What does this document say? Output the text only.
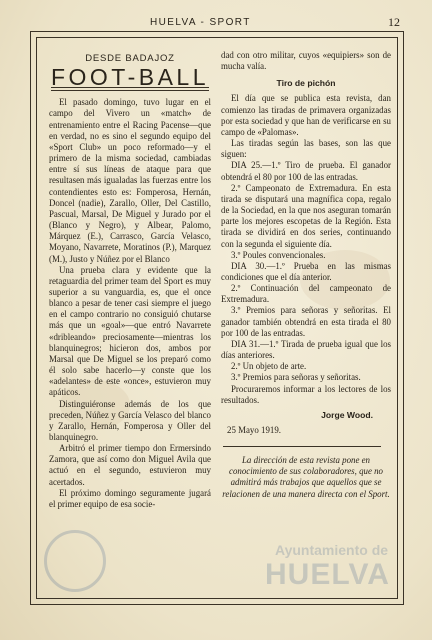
HUELVA - SPORT	12
DESDE BADAJOZ
FOOT-BALL

El pasado domingo, tuvo lugar en el campo del Vivero un «match» de entrenamiento entre el Racing Pacense—que en verdad, no es sino el segundo equipo del «Sport Club» un poco reformado—y el primero de la misma sociedad, cambiadas entre sí sus líneas de ataque para que resultasen más igualadas las fuerzas entre los contendientes esto es: Fomperosa, Hernán, Doncel (nadie), Zarallo, Oller, Del Castillo, Pascual, Marsal, De Miguel y Jurado por el (Blanco y Negro), y Albear, Palomo, Márquez (E.), Carrasco, García Velasco, Moyano, Navarrete, Moratinos (P.), Marquez (M.), Justo y Núñez por el Blanco

Una prueba clara y evidente que la retaguardia del primer team del Sport es muy superior a su vanguardia, es, que el once blanco a pesar de tener casi siempre el juego en el campo contrario no consiguió chutarse más que un «goal»—que entró Navarrete «dribleando» preciosamente—mientras los blanquinegros; hicieron dos, ambos por Marsal que De Miguel se los preparó como él solo sabe hacerlo—y conste que los «adelantes» de este «once», estuvieron muy apáticos.

Distinguiéronse además de los que preceden, Núñez y García Velasco del blanco y Zarallo, Hernán, Fomperosa y Oller del blanquinegro.

Arbitró el primer tiempo don Ermersindo Zamora, que así como don Miguel Avila que actuó en el segundo, estuvieron muy acertados.

El próximo domingo seguramente jugará el primer equipo de esa socie-

dad con otro militar, cuyos «equipiers» son de mucha valía.

Tiro de pichón

El día que se publica esta revista, dan comienzo las tiradas de primavera organizadas por esta sociedad y que han de verificarse en su campo de «Palomas».

Las tiradas según las bases, son las que siguen:

DIA 25.—1.º Tiro de prueba. El ganador obtendrá el 80 por 100 de las entradas.

2.º Campeonato de Extremadura. En esta tirada se disputará una magnífica copa, regalo de la Sociedad, en la que nos aseguran tomarán parte los mejores escopetas de la Región. Esta tirada se dividirá en dos series, continuando con la segunda el siguiente día.

3.º Poules convencionales.

DIA 30.—1.º Prueba en las mismas condiciones que el día anterior.

2.º Continuación del campeonato de Extremadura.

3.º Premios para señoras y señoritas. El ganador también obtendrá en esta tirada el 80 por 100 de las entradas.

DIA 31.—1.º Tirada de prueba igual que los días anteriores.

2.º Un objeto de arte.

3.º Premios para señoras y señoritas.

Procuraremos informar a los lectores de los resultados.

Jorge Wood.

25 Mayo 1919.

La dirección de esta revista pone en conocimiento de sus colaboradores, que no admitirá más trabajos que aquellos que se relacionen de una manera directa con el Sport.
Ayuntamiento de
HUELVA
